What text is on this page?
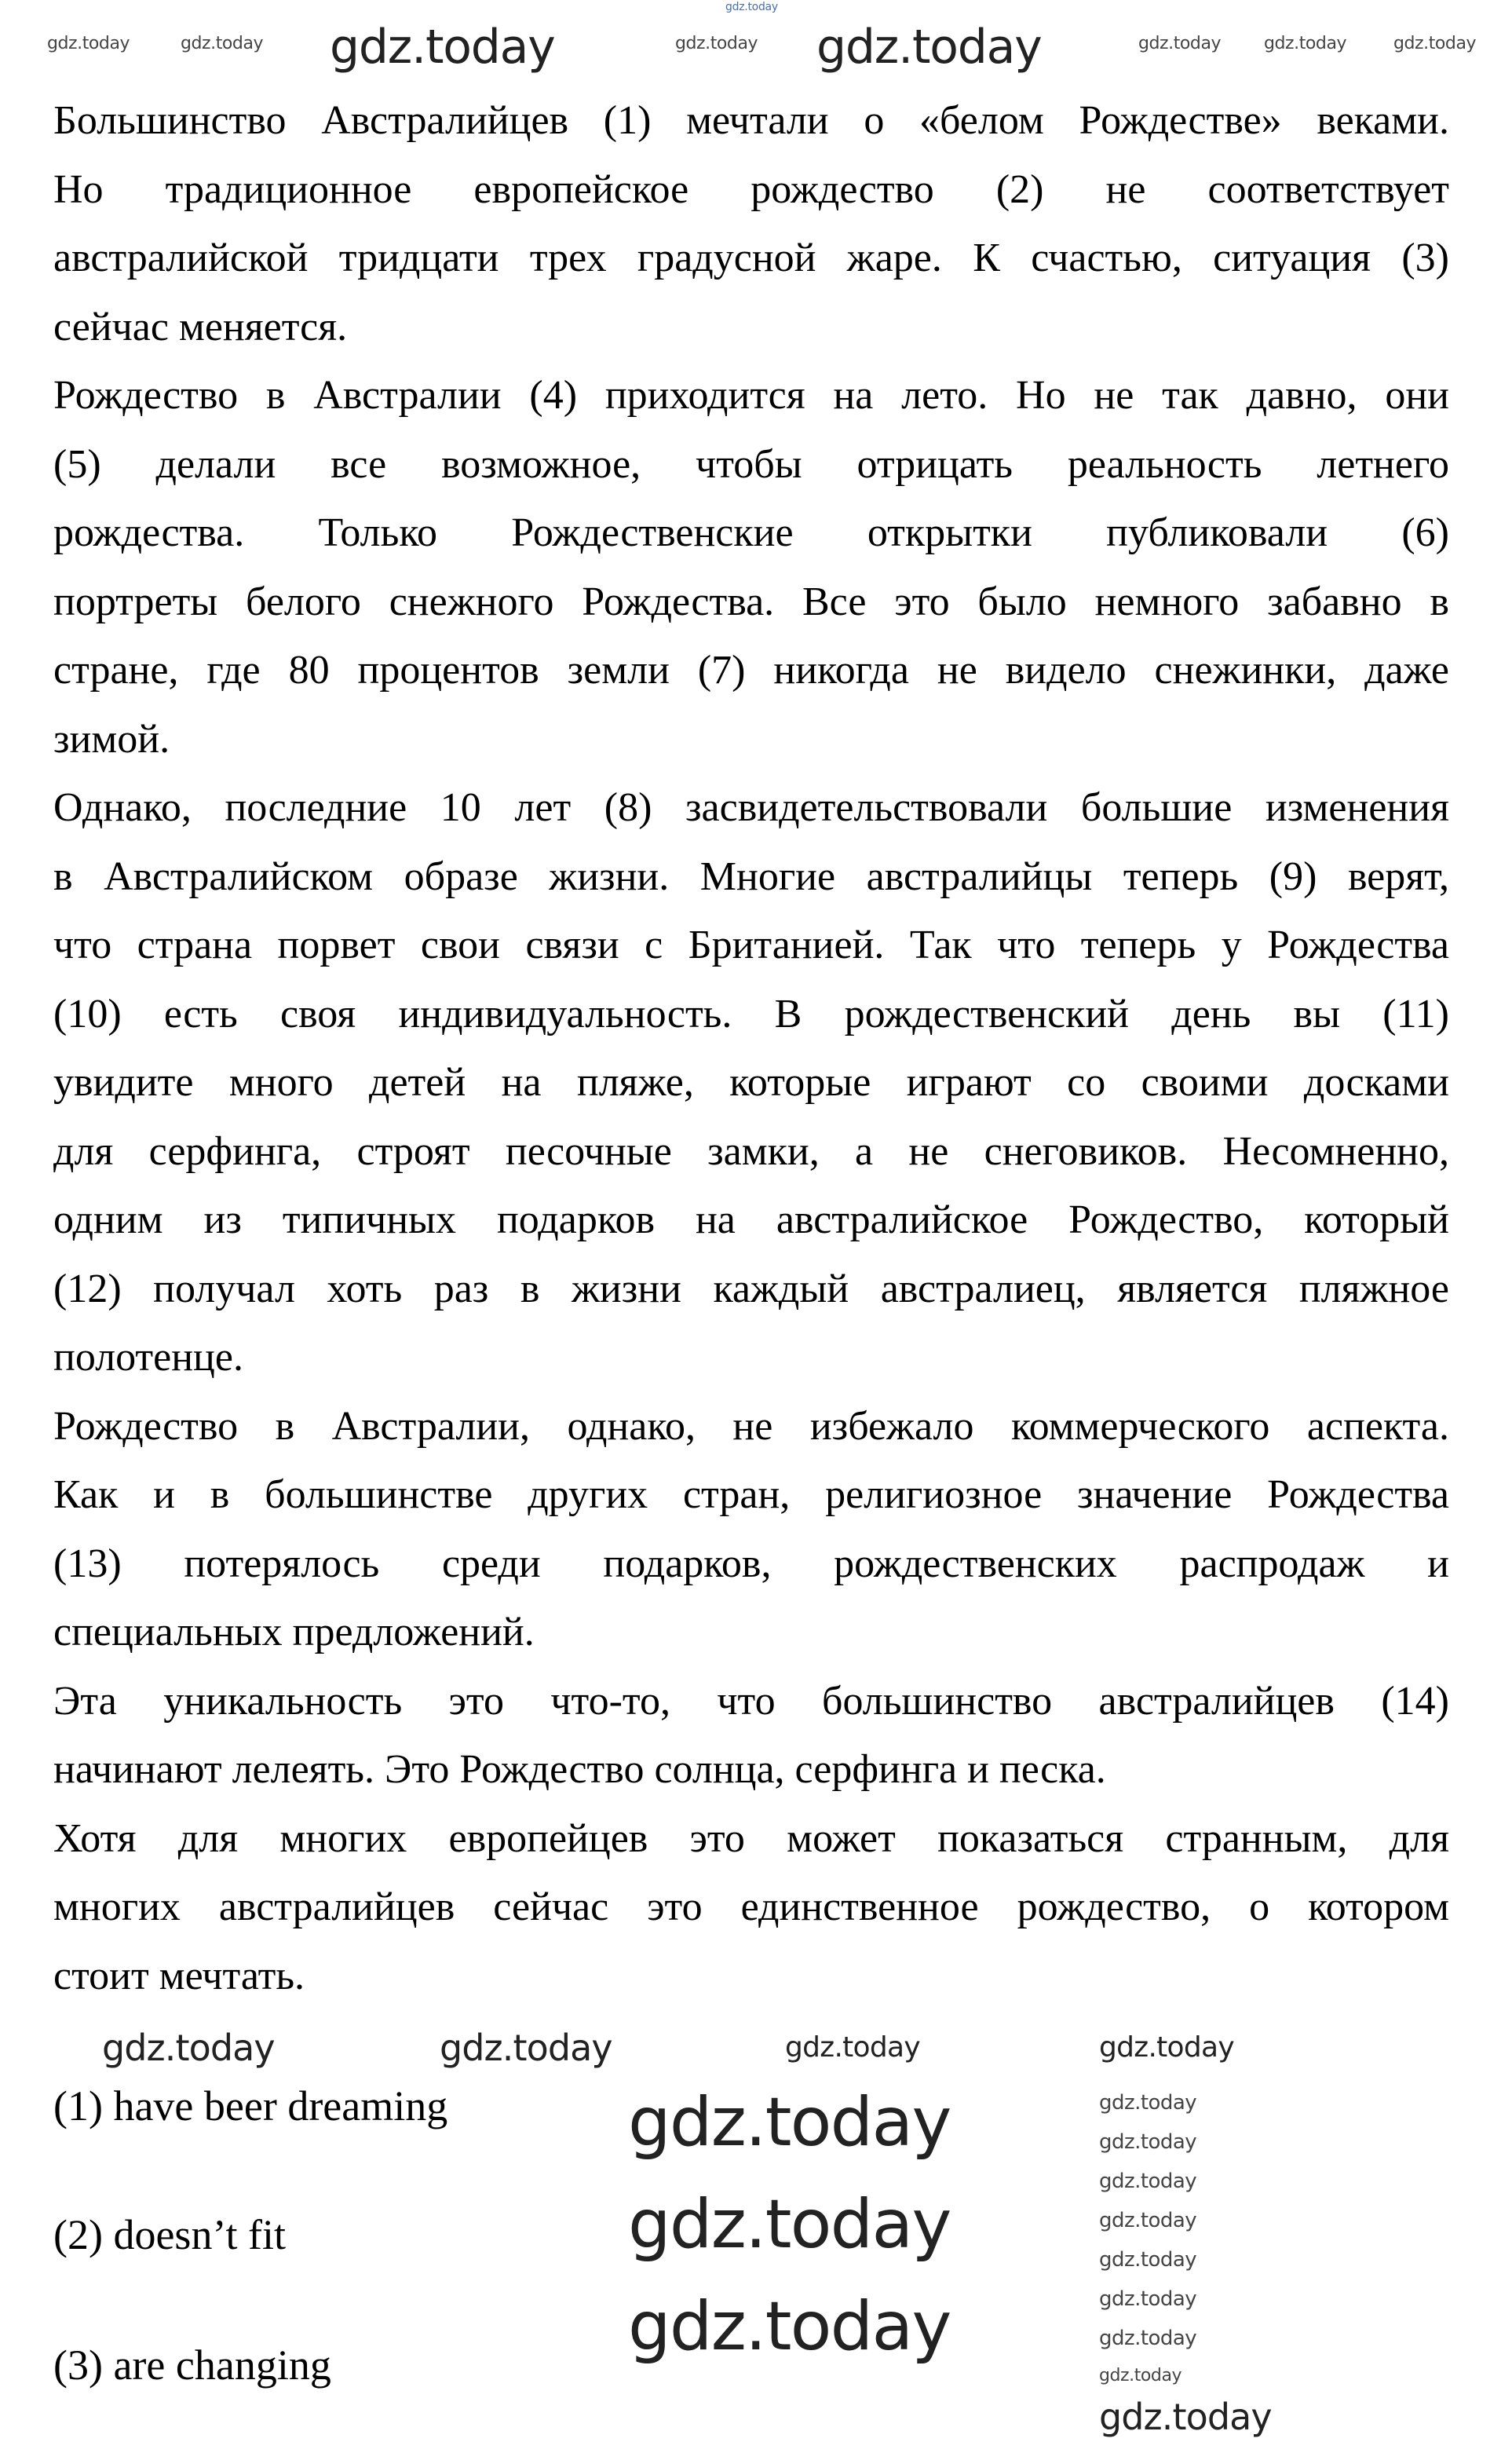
Большинство Австралийцев (1) мечтали о «белом Рождестве» веками.
Но традиционное европейское рождество (2) не соответствует
австралийской тридцати трех градусной жаре. К счастью, ситуация (3)
сейчас меняется.
Рождество в Австралии (4) приходится на лето. Но не так давно, они
(5) делали все возможное, чтобы отрицать реальность летнего
рождества. Только Рождественские открытки публиковали (6)
портреты белого снежного Рождества. Все это было немного забавно в
стране, где 80 процентов земли (7) никогда не видело снежинки, даже
зимой.
Однако, последние 10 лет (8) засвидетельствовали большие изменения
в Австралийском образе жизни. Многие австралийцы теперь (9) верят,
что страна порвет свои связи с Британией. Так что теперь у Рождества
(10) есть своя индивидуальность. В рождественский день вы (11)
увидите много детей на пляже, которые играют со своими досками
для серфинга, строят песочные замки, а не снеговиков. Несомненно,
одним из типичных подарков на австралийское Рождество, который
(12) получал хоть раз в жизни каждый австралиец, является пляжное
полотенце.
Рождество в Австралии, однако, не избежало коммерческого аспекта.
Как и в большинстве других стран, религиозное значение Рождества
(13) потерялось среди подарков, рождественских распродаж и
специальных предложений.
Эта уникальность это что-то, что большинство австралийцев (14)
начинают лелеять. Это Рождество солнца, серфинга и песка.
Хотя для многих европейцев это может показаться странным, для
многих австралийцев сейчас это единственное рождество, о котором
стоит мечтать.
(1) have beer dreaming
(2) doesn’t fit
(3) are changing
gdz.today
gdz.today	gdz.today gdz.today	gdz.today gdz.today	gdz.today gdz.today	gdz.today
gdz.today	gdz.today	gdz.today	gdz.today
gdz.today
gdz.today
gdz.today
gdz.today
gdz.today
gdz.today
gdz.today
gdz.today
gdz.today
gdz.today
gdz.today
gdz.today
